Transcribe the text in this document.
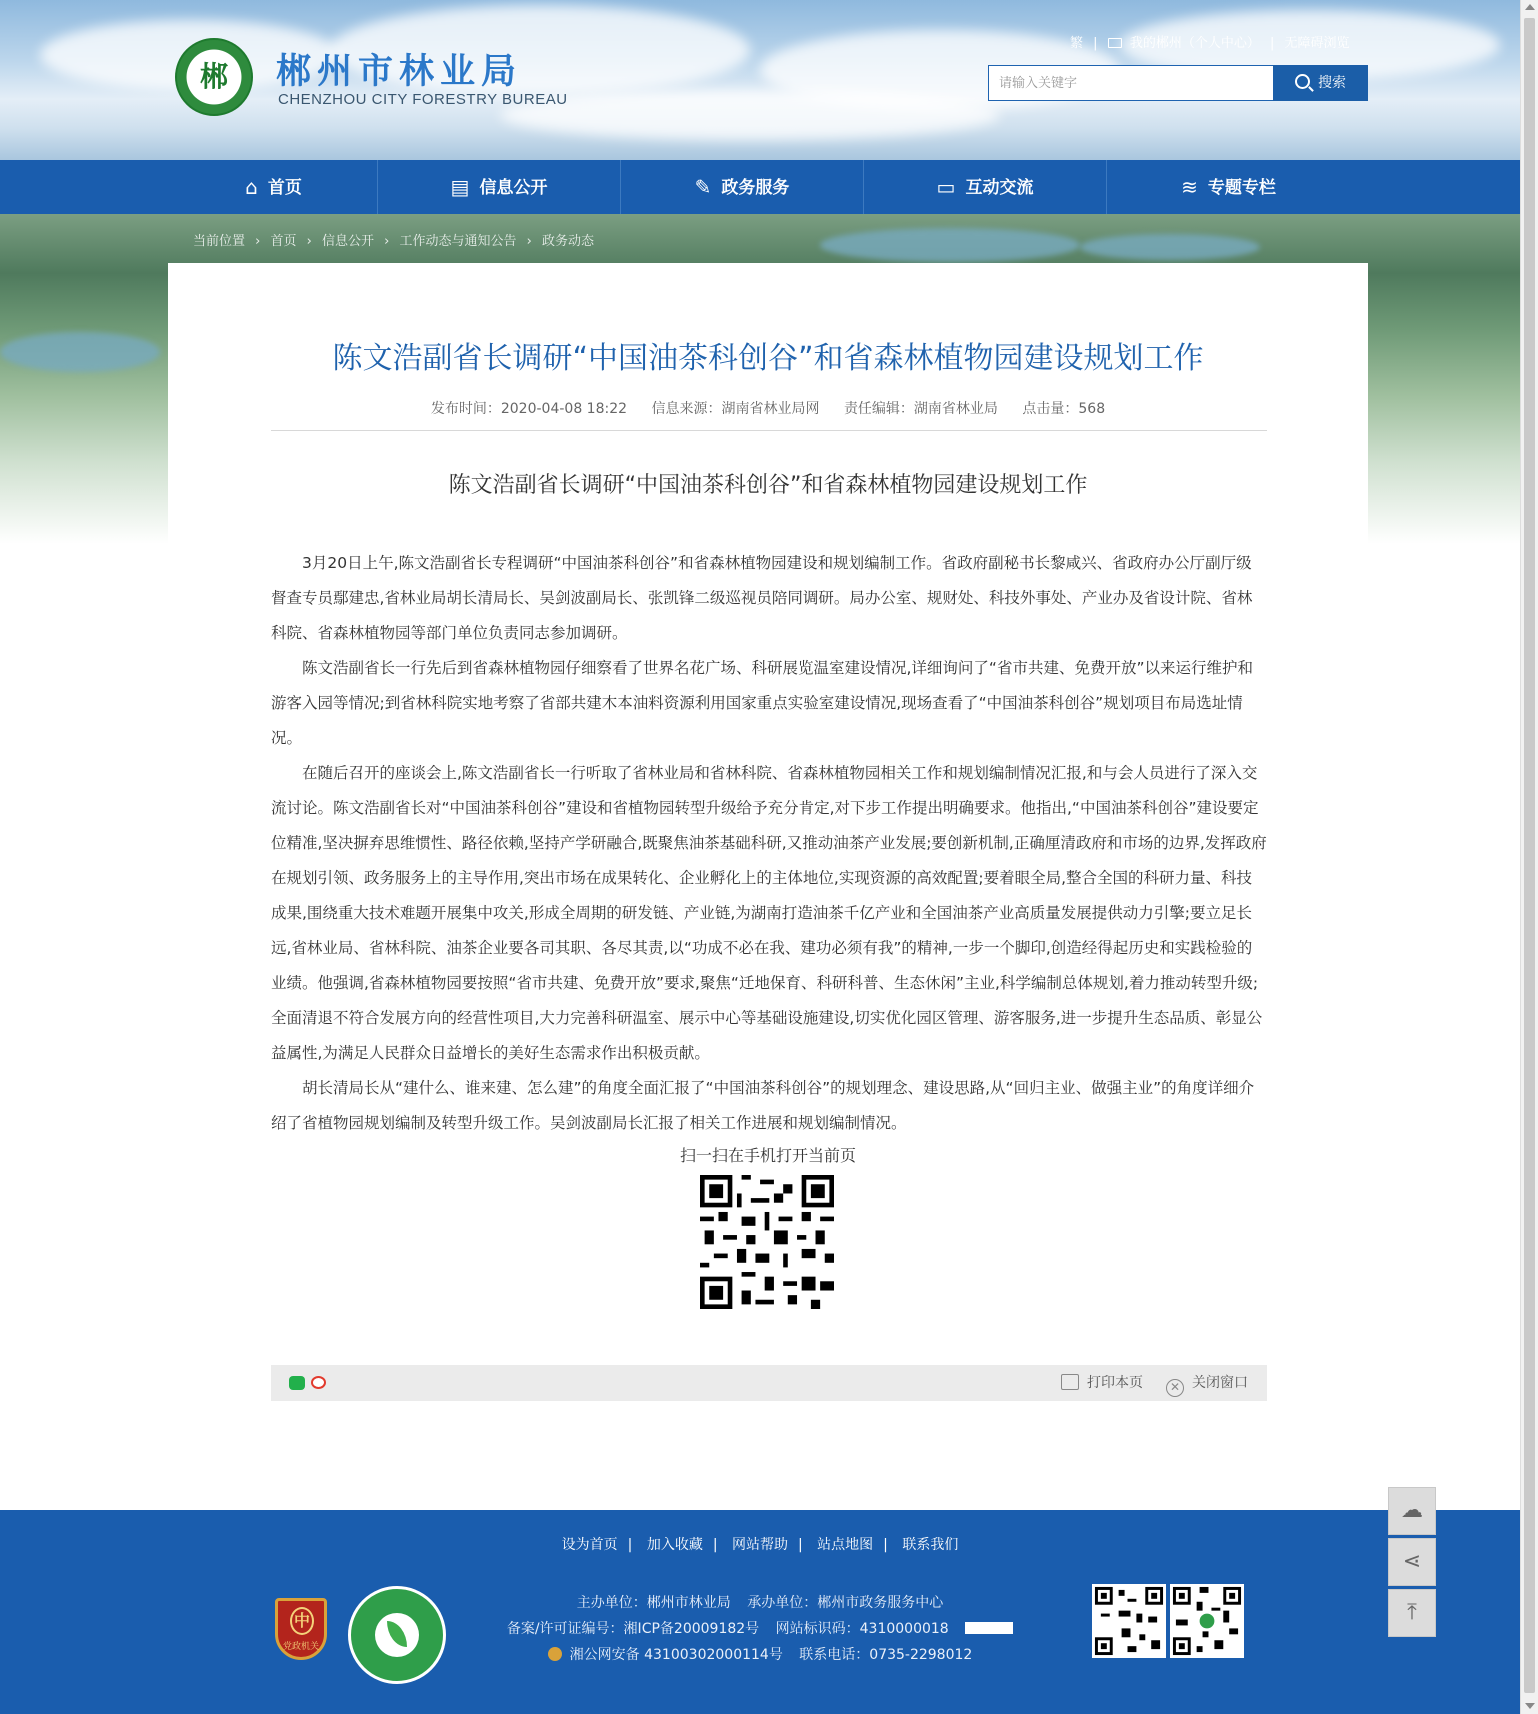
郴 郴州市林业局
CHENZHOU CITY FORESTRY BUREAU
繁 | 我的郴州（个人中心） | 无障碍浏览
请输入关键字	搜索
⌂ 首页	▤ 信息公开	✎ 政务服务	▭ 互动交流	≋ 专题专栏
当前位置 › 首页 › 信息公开 › 工作动态与通知公告 › 政务动态
陈文浩副省长调研“中国油茶科创谷”和省森林植物园建设规划工作
发布时间：2020-04-08 18:22 信息来源：湖南省林业局网 责任编辑：湖南省林业局 点击量：568
陈文浩副省长调研“中国油茶科创谷”和省森林植物园建设规划工作

3月20日上午,陈文浩副省长专程调研“中国油茶科创谷”和省森林植物园建设和规划编制工作。省政府副秘书长黎咸兴、省政府办公厅副厅级督查专员鄢建忠,省林业局胡长清局长、吴剑波副局长、张凯锋二级巡视员陪同调研。局办公室、规财处、科技外事处、产业办及省设计院、省林科院、省森林植物园等部门单位负责同志参加调研。

陈文浩副省长一行先后到省森林植物园仔细察看了世界名花广场、科研展览温室建设情况,详细询问了“省市共建、免费开放”以来运行维护和游客入园等情况;到省林科院实地考察了省部共建木本油料资源利用国家重点实验室建设情况,现场查看了“中国油茶科创谷”规划项目布局选址情况。

在随后召开的座谈会上,陈文浩副省长一行听取了省林业局和省林科院、省森林植物园相关工作和规划编制情况汇报,和与会人员进行了深入交流讨论。陈文浩副省长对“中国油茶科创谷”建设和省植物园转型升级给予充分肯定,对下步工作提出明确要求。他指出,“中国油茶科创谷”建设要定位精准,坚决摒弃思维惯性、路径依赖,坚持产学研融合,既聚焦油茶基础科研,又推动油茶产业发展;要创新机制,正确厘清政府和市场的边界,发挥政府在规划引领、政务服务上的主导作用,突出市场在成果转化、企业孵化上的主体地位,实现资源的高效配置;要着眼全局,整合全国的科研力量、科技成果,围绕重大技术难题开展集中攻关,形成全周期的研发链、产业链,为湖南打造油茶千亿产业和全国油茶产业高质量发展提供动力引擎;要立足长远,省林业局、省林科院、油茶企业要各司其职、各尽其责,以“功成不必在我、建功必须有我”的精神,一步一个脚印,创造经得起历史和实践检验的业绩。他强调,省森林植物园要按照“省市共建、免费开放”要求,聚焦“迁地保育、科研科普、生态休闲”主业,科学编制总体规划,着力推动转型升级;全面清退不符合发展方向的经营性项目,大力完善科研温室、展示中心等基础设施建设,切实优化园区管理、游客服务,进一步提升生态品质、彰显公益属性,为满足人民群众日益增长的美好生态需求作出积极贡献。

胡长清局长从“建什么、谁来建、怎么建”的角度全面汇报了“中国油茶科创谷”的规划理念、建设思路,从“回归主业、做强主业”的角度详细介绍了省植物园规划编制及转型升级工作。吴剑波副局长汇报了相关工作进展和规划编制情况。

扫一扫在手机打开当前页
打印本页	✕ 关闭窗口
设为首页 | 加入收藏 | 网站帮助 | 站点地图 | 联系我们
中
党政机关
主办单位：郴州市林业局 承办单位：郴州市政务服务中心
备案/许可证编号：湘ICP备20009182号 网站标识码：4310000018
湘公网安备 43100302000114号 联系电话：0735-2298012
☁
⋖
⤒
